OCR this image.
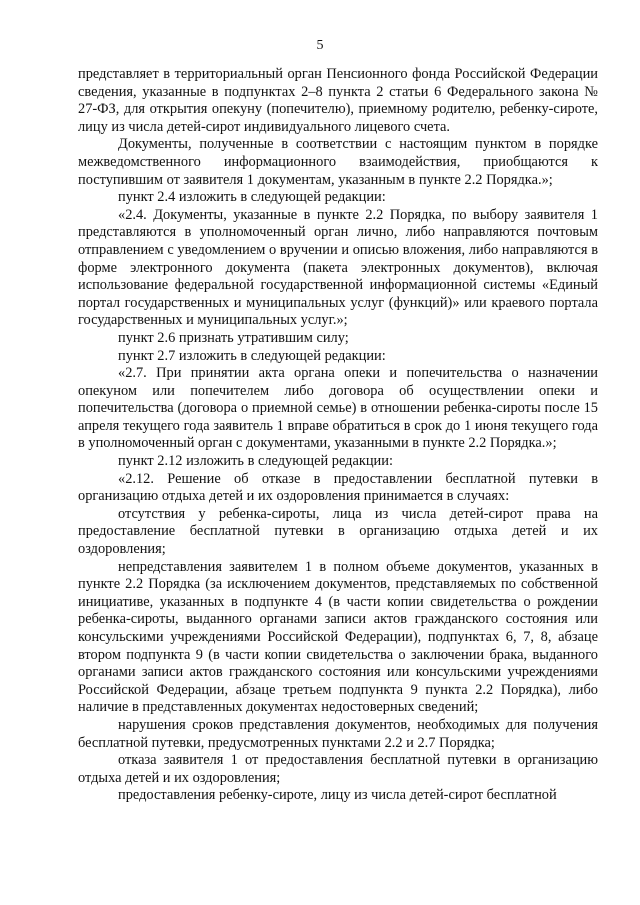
5

представляет в территориальный орган Пенсионного фонда Российской Федерации сведения, указанные в подпунктах 2–8 пункта 2 статьи 6 Федерального закона № 27-ФЗ, для открытия опекуну (попечителю), приемному родителю, ребенку-сироте, лицу из числа детей-сирот индивидуального лицевого счета.

Документы, полученные в соответствии с настоящим пунктом в порядке межведомственного информационного взаимодействия, приобщаются к поступившим от заявителя 1 документам, указанным в пункте 2.2 Порядка.»;

пункт 2.4 изложить в следующей редакции:

«2.4. Документы, указанные в пункте 2.2 Порядка, по выбору заявителя 1 представляются в уполномоченный орган лично, либо направляются почтовым отправлением с уведомлением о вручении и описью вложения, либо направляются в форме электронного документа (пакета электронных документов), включая использование федеральной государственной информационной системы «Единый портал государственных и муниципальных услуг (функций)» или краевого портала государственных и муниципальных услуг.»;

пункт 2.6 признать утратившим силу;

пункт 2.7 изложить в следующей редакции:

«2.7. При принятии акта органа опеки и попечительства о назначении опекуном или попечителем либо договора об осуществлении опеки и попечительства (договора о приемной семье) в отношении ребенка-сироты после 15 апреля текущего года заявитель 1 вправе обратиться в срок до 1 июня текущего года в уполномоченный орган с документами, указанными в пункте 2.2 Порядка.»;

пункт 2.12 изложить в следующей редакции:

«2.12. Решение об отказе в предоставлении бесплатной путевки в организацию отдыха детей и их оздоровления принимается в случаях:

отсутствия у ребенка-сироты, лица из числа детей-сирот права на предоставление бесплатной путевки в организацию отдыха детей и их оздоровления;

непредставления заявителем 1 в полном объеме документов, указанных в пункте 2.2 Порядка (за исключением документов, представляемых по собственной инициативе, указанных в подпункте 4 (в части копии свидетельства о рождении ребенка-сироты, выданного органами записи актов гражданского состояния или консульскими учреждениями Российской Федерации), подпунктах 6, 7, 8, абзаце втором подпункта 9 (в части копии свидетельства о заключении брака, выданного органами записи актов гражданского состояния или консульскими учреждениями Российской Федерации, абзаце третьем подпункта 9 пункта 2.2 Порядка), либо наличие в представленных документах недостоверных сведений;

нарушения сроков представления документов, необходимых для получения бесплатной путевки, предусмотренных пунктами 2.2 и 2.7 Порядка;

отказа заявителя 1 от предоставления бесплатной путевки в организацию отдыха детей и их оздоровления;

предоставления ребенку-сироте, лицу из числа детей-сирот бесплатной
